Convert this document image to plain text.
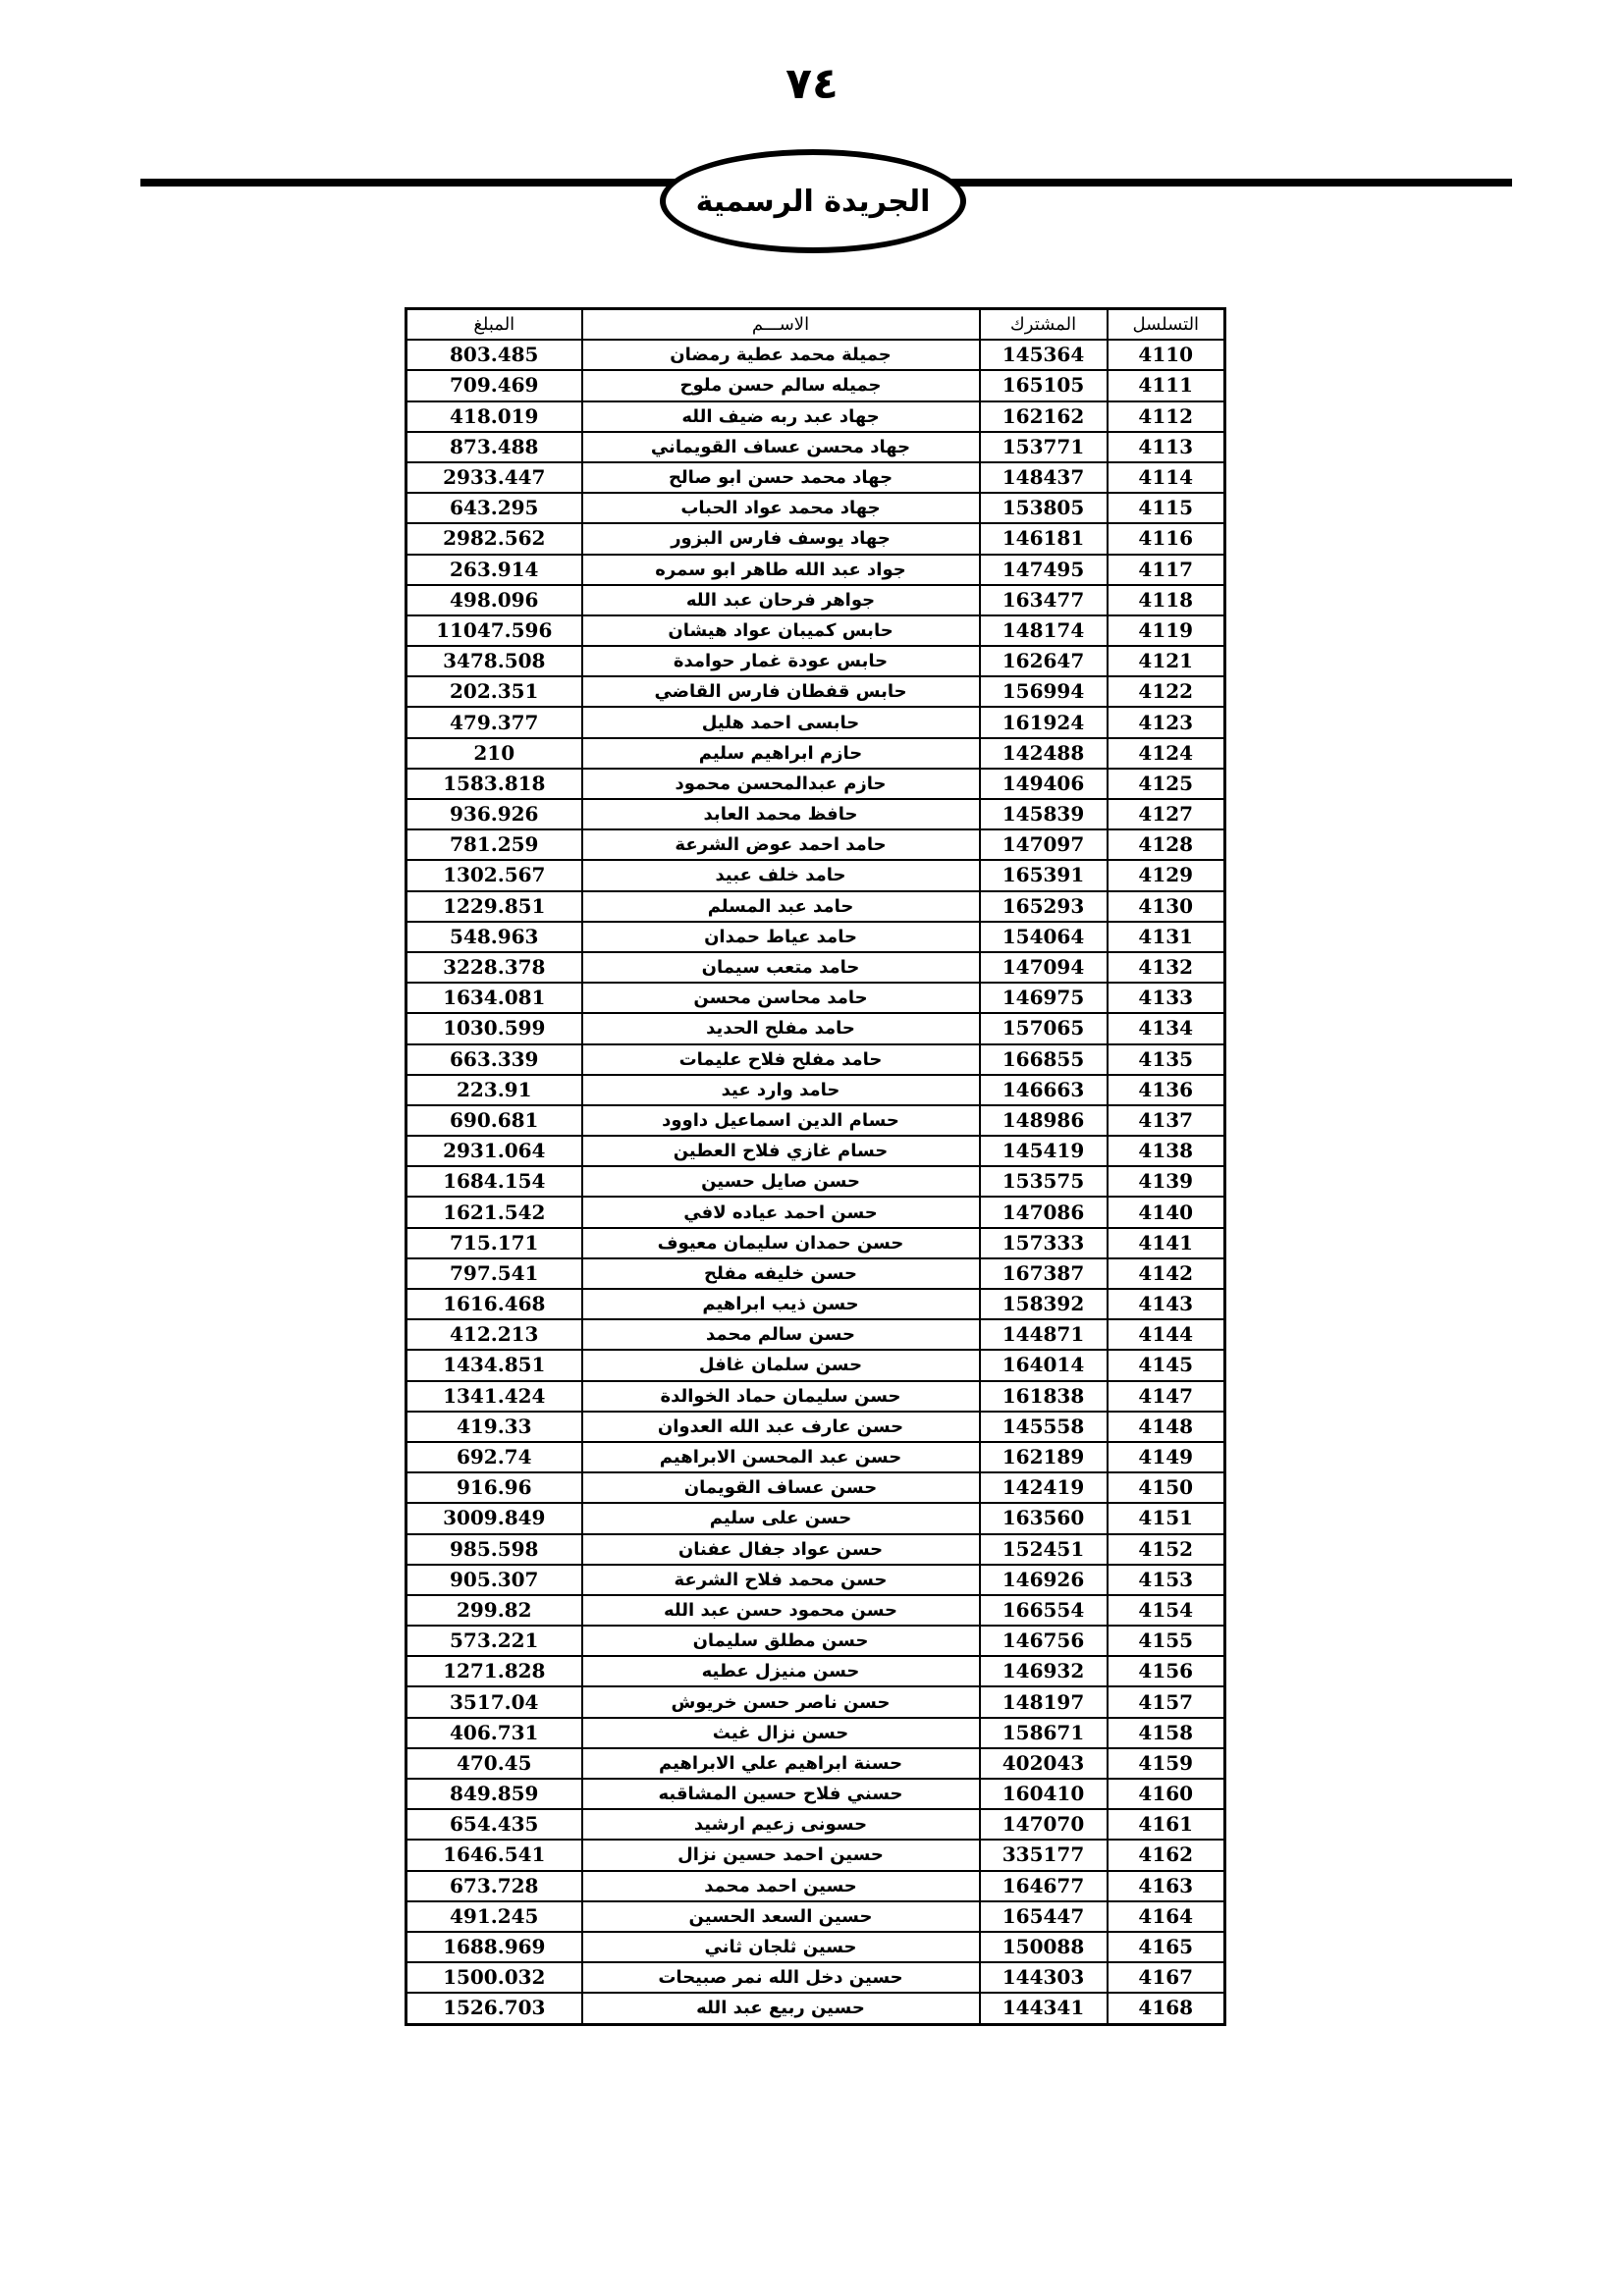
٧٤
الجريدة الرسمية
التسلسل	المشترك	الاســـم	المبلغ
4110	145364	جميلة محمد عطية رمضان	803.485
4111	165105	جميله سالم حسن ملوح	709.469
4112	162162	جهاد عبد ربه ضيف الله	418.019
4113	153771	جهاد محسن عساف القويماني	873.488
4114	148437	جهاد محمد حسن ابو صالح	2933.447
4115	153805	جهاد محمد عواد الحباب	643.295
4116	146181	جهاد يوسف فارس البزور	2982.562
4117	147495	جواد عبد الله طاهر ابو سمره	263.914
4118	163477	جواهر فرحان عبد الله	498.096
4119	148174	حابس كميبان عواد هيشان	11047.596
4121	162647	حابس عودة غمار حوامدة	3478.508
4122	156994	حابس قفطان فارس القاضي	202.351
4123	161924	حابسى احمد هليل	479.377
4124	142488	حازم ابراهيم سليم	210
4125	149406	حازم عبدالمحسن محمود	1583.818
4127	145839	حافظ محمد العابد	936.926
4128	147097	حامد احمد عوض الشرعة	781.259
4129	165391	حامد خلف عبيد	1302.567
4130	165293	حامد عبد المسلم	1229.851
4131	154064	حامد عياط حمدان	548.963
4132	147094	حامد متعب سيمان	3228.378
4133	146975	حامد محاسن محسن	1634.081
4134	157065	حامد مفلح الحديد	1030.599
4135	166855	حامد مفلح فلاح عليمات	663.339
4136	146663	حامد وارد عيد	223.91
4137	148986	حسام الدين اسماعيل داوود	690.681
4138	145419	حسام غازي فلاح العطين	2931.064
4139	153575	حسن صايل حسين	1684.154
4140	147086	حسن احمد عياده لافي	1621.542
4141	157333	حسن حمدان سليمان معيوف	715.171
4142	167387	حسن خليفه مفلح	797.541
4143	158392	حسن ذيب ابراهيم	1616.468
4144	144871	حسن سالم محمد	412.213
4145	164014	حسن سلمان غافل	1434.851
4147	161838	حسن سليمان حماد الخوالدة	1341.424
4148	145558	حسن عارف عبد الله العدوان	419.33
4149	162189	حسن عبد المحسن الابراهيم	692.74
4150	142419	حسن عساف القويمان	916.96
4151	163560	حسن على سليم	3009.849
4152	152451	حسن عواد جفال عفنان	985.598
4153	146926	حسن محمد فلاح الشرعة	905.307
4154	166554	حسن محمود حسن عبد الله	299.82
4155	146756	حسن مطلق سليمان	573.221
4156	146932	حسن منيزل عطيه	1271.828
4157	148197	حسن ناصر حسن خريوش	3517.04
4158	158671	حسن نزال غيث	406.731
4159	402043	حسنة ابراهيم علي الابراهيم	470.45
4160	160410	حسني فلاح حسين المشاقبه	849.859
4161	147070	حسونى زعيم ارشيد	654.435
4162	335177	حسين احمد حسين نزال	1646.541
4163	164677	حسين احمد محمد	673.728
4164	165447	حسين السعد الحسين	491.245
4165	150088	حسين ثلجان ثاني	1688.969
4167	144303	حسين دخل الله نمر صبيحات	1500.032
4168	144341	حسين ربيع عبد الله	1526.703
